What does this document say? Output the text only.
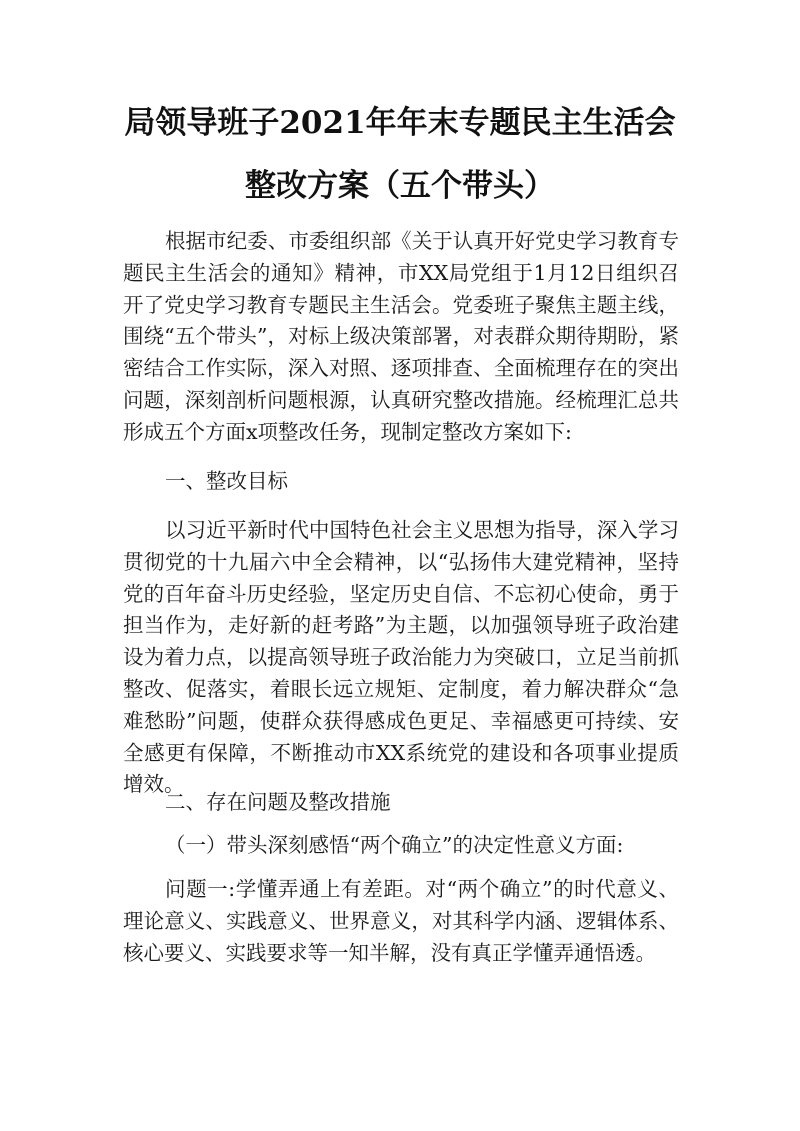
局领导班子2021年年末专题民主生活会
整改方案（五个带头）

根据市纪委、市委组织部《关于认真开好党史学习教育专题民主生活会的通知》精神，市XX局党组于1月12日组织召开了党史学习教育专题民主生活会。党委班子聚焦主题主线，围绕“五个带头”，对标上级决策部署，对表群众期待期盼，紧密结合工作实际，深入对照、逐项排查、全面梳理存在的突出问题，深刻剖析问题根源，认真研究整改措施。经梳理汇总共形成五个方面x项整改任务，现制定整改方案如下:

一、整改目标

以习近平新时代中国特色社会主义思想为指导，深入学习贯彻党的十九届六中全会精神，以“弘扬伟大建党精神，坚持党的百年奋斗历史经验，坚定历史自信、不忘初心使命，勇于担当作为，走好新的赶考路”为主题，以加强领导班子政治建设为着力点，以提高领导班子政治能力为突破口，立足当前抓整改、促落实，着眼长远立规矩、定制度，着力解决群众“急难愁盼”问题，使群众获得感成色更足、幸福感更可持续、安全感更有保障，不断推动市XX系统党的建设和各项事业提质增效。

二、存在问题及整改措施

（一）带头深刻感悟“两个确立”的决定性意义方面:

问题一:学懂弄通上有差距。对“两个确立”的时代意义、理论意义、实践意义、世界意义，对其科学内涵、逻辑体系、核心要义、实践要求等一知半解，没有真正学懂弄通悟透。
